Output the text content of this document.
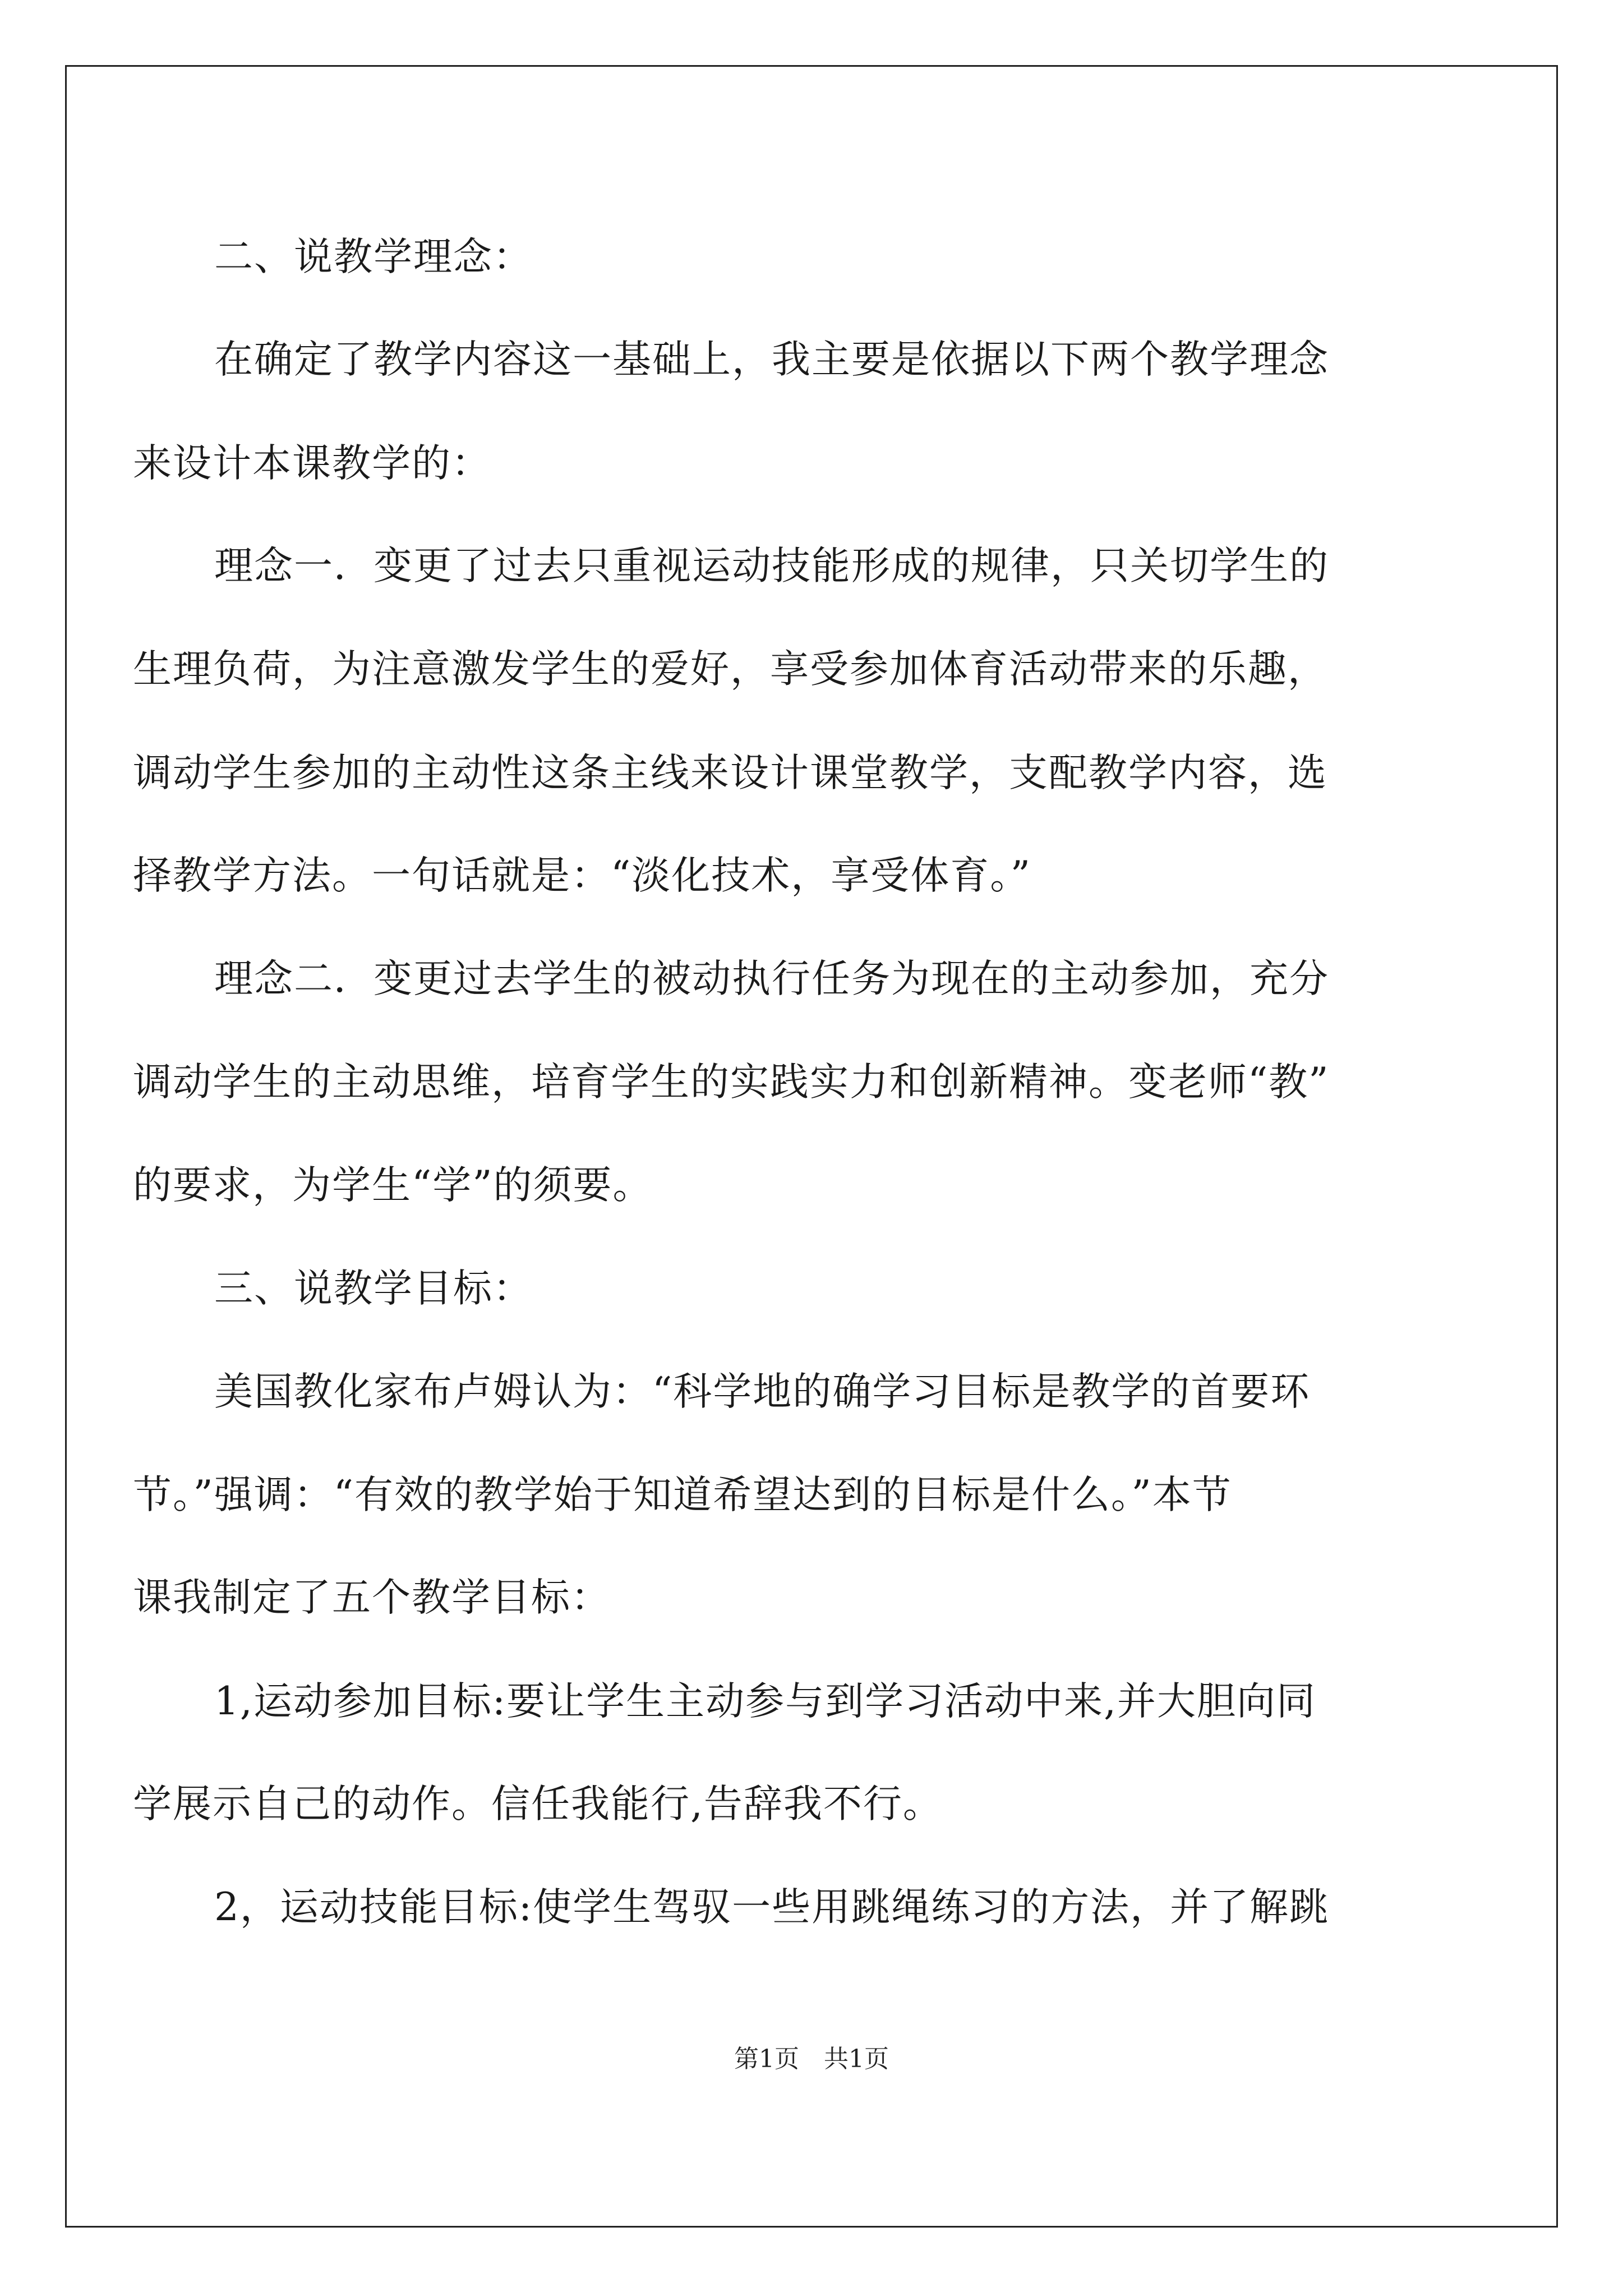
二、说教学理念：
在确定了教学内容这一基础上，我主要是依据以下两个教学理念
来设计本课教学的：
理念一．变更了过去只重视运动技能形成的规律，只关切学生的
生理负荷，为注意激发学生的爱好，享受参加体育活动带来的乐趣，
调动学生参加的主动性这条主线来设计课堂教学，支配教学内容，选
择教学方法。一句话就是：“淡化技术，享受体育。”
理念二．变更过去学生的被动执行任务为现在的主动参加，充分
调动学生的主动思维，培育学生的实践实力和创新精神。变老师“教”
的要求，为学生“学”的须要。
三、说教学目标：
美国教化家布卢姆认为：“科学地的确学习目标是教学的首要环
节。”强调：“有效的教学始于知道希望达到的目标是什么。”本节
课我制定了五个教学目标：
1,运动参加目标:要让学生主动参与到学习活动中来,并大胆向同
学展示自己的动作。信任我能行,告辞我不行。
2，运动技能目标:使学生驾驭一些用跳绳练习的方法，并了解跳
第1页 共1页
